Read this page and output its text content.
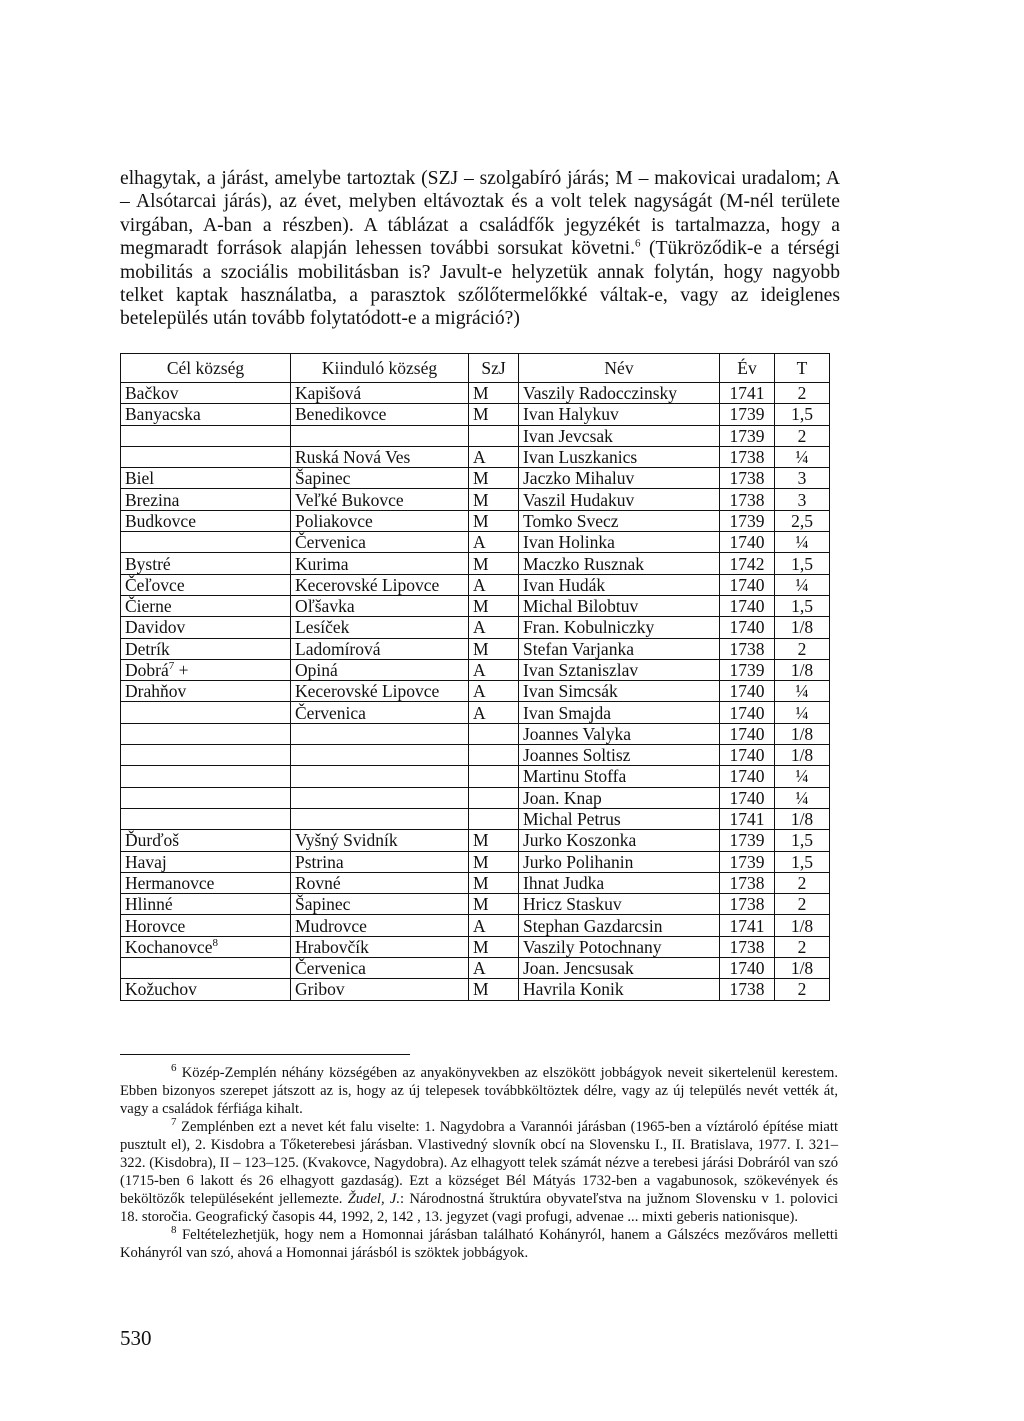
elhagytak, a járást, amelybe tartoztak (SZJ – szolgabíró járás; M – makovicai uradalom; A – Alsótarcai járás), az évet, melyben eltávoztak és a volt telek nagyságát (M-nél területe virgában, A-ban a részben). A táblázat a családfők jegyzékét is tartalmazza, hogy a megmaradt források alapján lehessen további sorsukat követni.$^6$ (Tükröződik-e a térségi mobilitás a szociális mobilitásban is? Javult-e helyzetük annak folytán, hogy nagyobb telket kaptak használatba, a parasztok szőlőtermelőkké váltak-e, vagy az ideiglenes betelepülés után tovább folytatódott-e a migráció?)

Cél község	Kiinduló község	SzJ	Név	Év	T
Bačkov	Kapišová	M	Vaszily Radocczinsky	1741	2
Banyacska	Benedikovce	M	Ivan Halykuv	1739	1,5
			Ivan Jevcsak	1739	2
	Ruská Nová Ves	A	Ivan Luszkanics	1738	¼
Biel	Šapinec	M	Jaczko Mihaluv	1738	3
Brezina	Veľké Bukovce	M	Vaszil Hudakuv	1738	3
Budkovce	Poliakovce	M	Tomko Svecz	1739	2,5
	Červenica	A	Ivan Holinka	1740	¼
Bystré	Kurima	M	Maczko Rusznak	1742	1,5
Čeľovce	Kecerovské Lipovce	A	Ivan Hudák	1740	¼
Čierne	Oľšavka	M	Michal Bilobtuv	1740	1,5
Davidov	Lesíček	A	Fran. Kobulniczky	1740	1/8
Detrík	Ladomírová	M	Stefan Varjanka	1738	2
Dobrá$^7$ +	Opiná	A	Ivan Sztaniszlav	1739	1/8
Drahňov	Kecerovské Lipovce	A	Ivan Simcsák	1740	¼
	Červenica	A	Ivan Smajda	1740	¼
			Joannes Valyka	1740	1/8
			Joannes Soltisz	1740	1/8
			Martinu Stoffa	1740	¼
			Joan. Knap	1740	¼
			Michal Petrus	1741	1/8
Ďurďoš	Vyšný Svidník	M	Jurko Koszonka	1739	1,5
Havaj	Pstrina	M	Jurko Polihanin	1739	1,5
Hermanovce	Rovné	M	Ihnat Judka	1738	2
Hlinné	Šapinec	M	Hricz Staskuv	1738	2
Horovce	Mudrovce	A	Stephan Gazdarcsin	1741	1/8
Kochanovce$^8$	Hrabovčík	M	Vaszily Potochnany	1738	2
	Červenica	A	Joan. Jencsusak	1740	1/8
Kožuchov	Gribov	M	Havrila Konik	1738	2

$^6$ Közép-Zemplén néhány községében az anyakönyvekben az elszökött jobbágyok neveit sikertelenül kerestem. Ebben bizonyos szerepet játszott az is, hogy az új telepesek továbbköltöztek délre, vagy az új település nevét vették át, vagy a családok férfiága kihalt.

$^7$ Zemplénben ezt a nevet két falu viselte: 1. Nagydobra a Varannói járásban (1965-ben a víztároló építése miatt pusztult el), 2. Kisdobra a Tőketerebesi járásban. Vlastivedný slovník obcí na Slovensku I., II. Bratislava, 1977. I. 321–322. (Kisdobra), II – 123–125. (Kvakovce, Nagydobra). Az elhagyott telek számát nézve a terebesi járási Dobráról van szó (1715-ben 6 lakott és 26 elhagyott gazdaság). Ezt a községet Bél Mátyás 1732-ben a vagabunosok, szökevények és beköltözők településeként jellemezte. Žudel, J.: Národnostná štruktúra obyvateľstva na južnom Slovensku v 1. polovici 18. storočia. Geografický časopis 44, 1992, 2, 142 , 13. jegyzet (vagi profugi, advenae ... mixti geberis nationisque).

$^8$ Feltételezhetjük, hogy nem a Homonnai járásban található Kohányról, hanem a Gálszécs mezőváros melletti Kohányról van szó, ahová a Homonnai járásból is szöktek jobbágyok.

530
